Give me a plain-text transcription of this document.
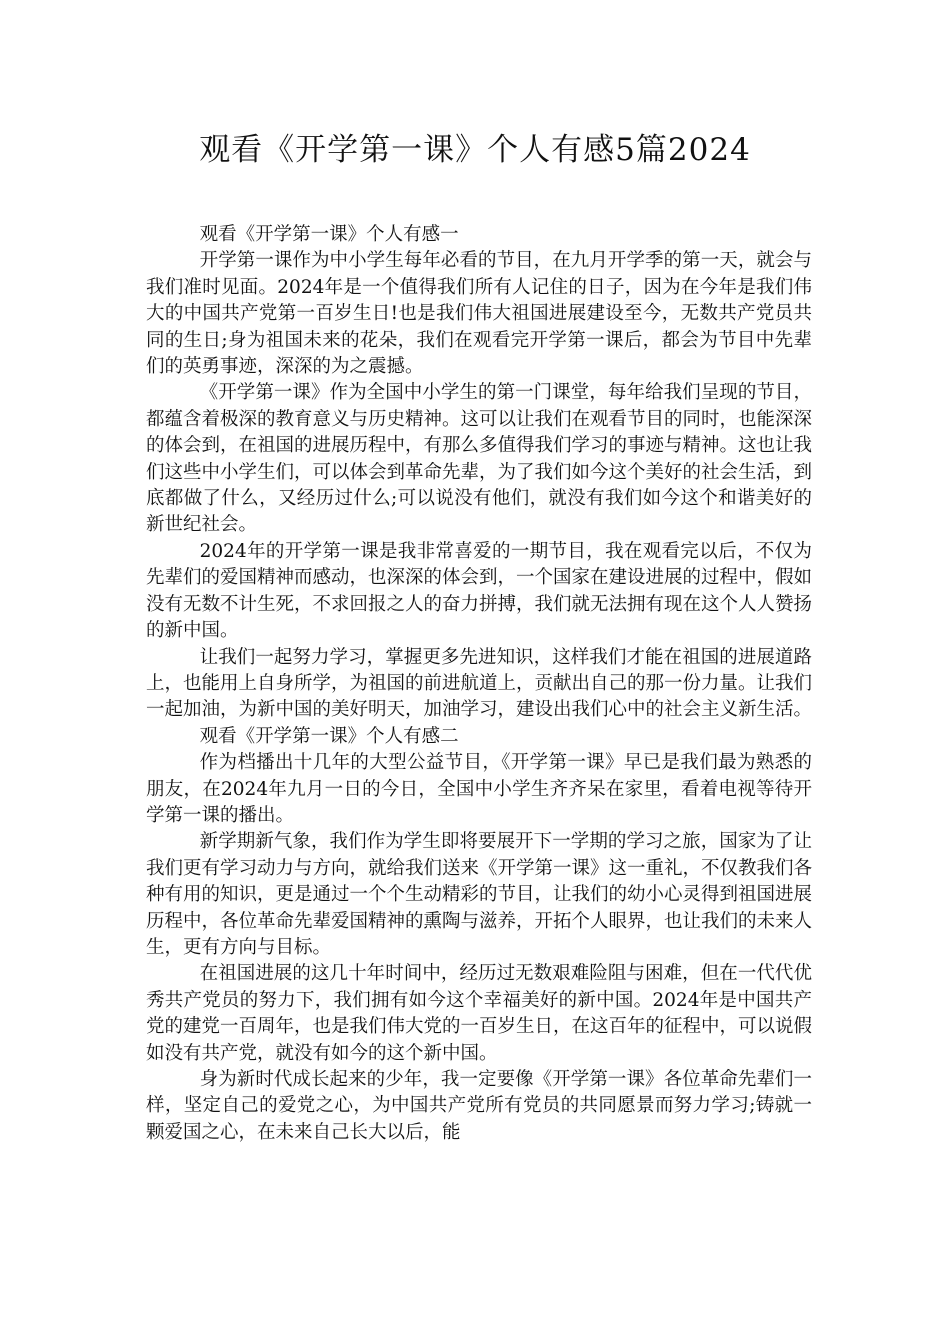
观看《开学第一课》个人有感5篇2024

观看《开学第一课》个人有感一

开学第一课作为中小学生每年必看的节目，在九月开学季的第一天，就会与我们准时见面。2024年是一个值得我们所有人记住的日子，因为在今年是我们伟大的中国共产党第一百岁生日!也是我们伟大祖国进展建设至今，无数共产党员共同的生日;身为祖国未来的花朵，我们在观看完开学第一课后，都会为节目中先辈们的英勇事迹，深深的为之震撼。

《开学第一课》作为全国中小学生的第一门课堂，每年给我们呈现的节目，都蕴含着极深的教育意义与历史精神。这可以让我们在观看节目的同时，也能深深的体会到，在祖国的进展历程中，有那么多值得我们学习的事迹与精神。这也让我们这些中小学生们，可以体会到革命先辈，为了我们如今这个美好的社会生活，到底都做了什么，又经历过什么;可以说没有他们，就没有我们如今这个和谐美好的新世纪社会。

2024年的开学第一课是我非常喜爱的一期节目，我在观看完以后，不仅为先辈们的爱国精神而感动，也深深的体会到，一个国家在建设进展的过程中，假如没有无数不计生死，不求回报之人的奋力拼搏，我们就无法拥有现在这个人人赞扬的新中国。

让我们一起努力学习，掌握更多先进知识，这样我们才能在祖国的进展道路上，也能用上自身所学，为祖国的前进航道上，贡献出自己的那一份力量。让我们一起加油，为新中国的美好明天，加油学习，建设出我们心中的社会主义新生活。

观看《开学第一课》个人有感二

作为档播出十几年的大型公益节目，《开学第一课》早已是我们最为熟悉的朋友，在2024年九月一日的今日，全国中小学生齐齐呆在家里，看着电视等待开学第一课的播出。

新学期新气象，我们作为学生即将要展开下一学期的学习之旅，国家为了让我们更有学习动力与方向，就给我们送来《开学第一课》这一重礼，不仅教我们各种有用的知识，更是通过一个个生动精彩的节目，让我们的幼小心灵得到祖国进展历程中，各位革命先辈爱国精神的熏陶与滋养，开拓个人眼界，也让我们的未来人生，更有方向与目标。

在祖国进展的这几十年时间中，经历过无数艰难险阻与困难，但在一代代优秀共产党员的努力下，我们拥有如今这个幸福美好的新中国。2024年是中国共产党的建党一百周年，也是我们伟大党的一百岁生日，在这百年的征程中，可以说假如没有共产党，就没有如今的这个新中国。

身为新时代成长起来的少年，我一定要像《开学第一课》各位革命先辈们一样，坚定自己的爱党之心，为中国共产党所有党员的共同愿景而努力学习;铸就一颗爱国之心，在未来自己长大以后，能
